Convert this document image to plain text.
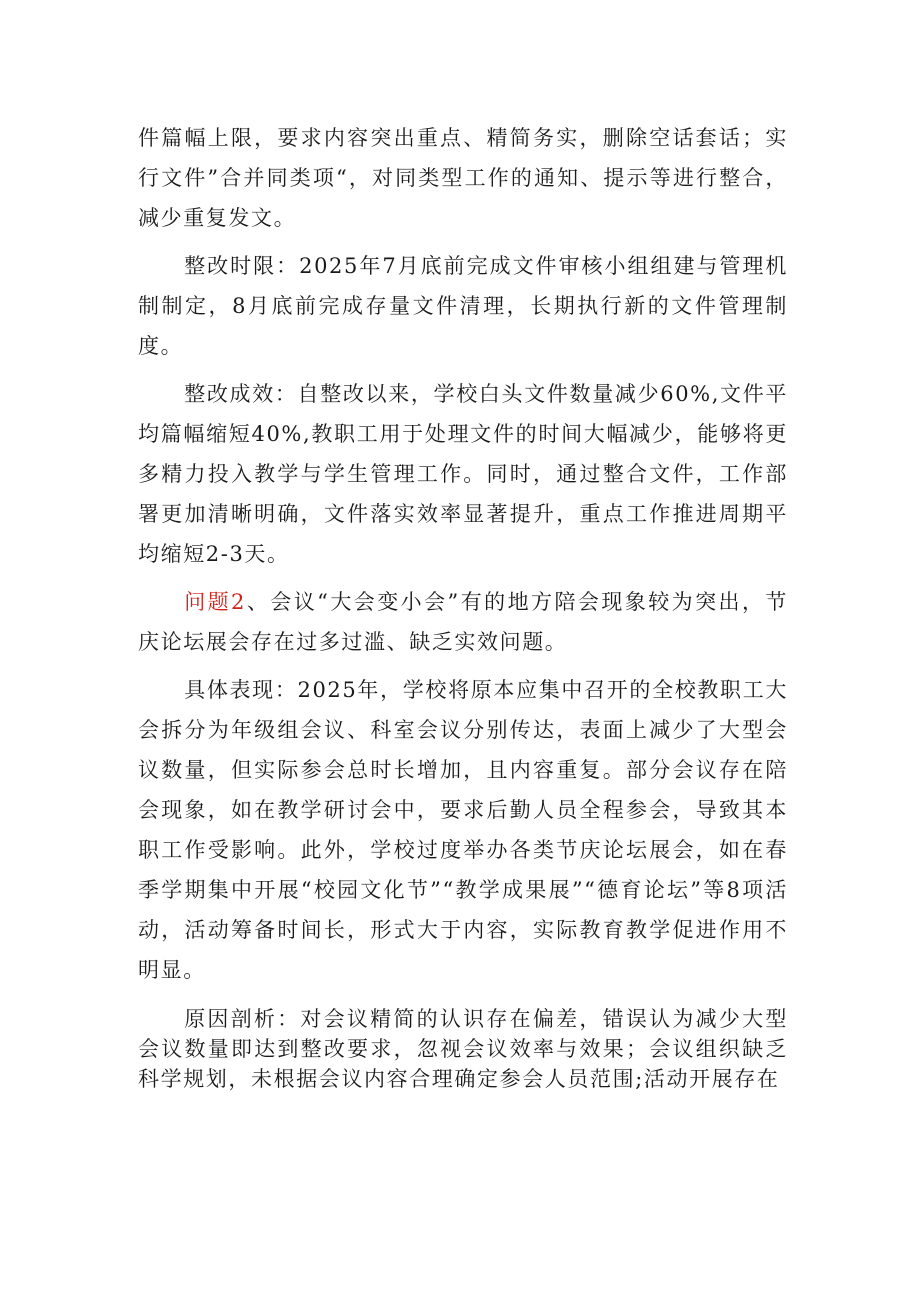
件篇幅上限，要求内容突出重点、精简务实，删除空话套话；实行文件”合并同类项“，对同类型工作的通知、提示等进行整合，减少重复发文。

整改时限：2025年7月底前完成文件审核小组组建与管理机制制定，8月底前完成存量文件清理，长期执行新的文件管理制度。

整改成效：自整改以来，学校白头文件数量减少60%,文件平均篇幅缩短40%,教职工用于处理文件的时间大幅减少，能够将更多精力投入教学与学生管理工作。同时，通过整合文件，工作部署更加清晰明确，文件落实效率显著提升，重点工作推进周期平均缩短2-3天。

问题2、会议“大会变小会”有的地方陪会现象较为突出，节庆论坛展会存在过多过滥、缺乏实效问题。

具体表现：2025年，学校将原本应集中召开的全校教职工大会拆分为年级组会议、科室会议分别传达，表面上减少了大型会议数量，但实际参会总时长增加，且内容重复。部分会议存在陪会现象，如在教学研讨会中，要求后勤人员全程参会，导致其本职工作受影响。此外，学校过度举办各类节庆论坛展会，如在春季学期集中开展“校园文化节”“教学成果展”“德育论坛”等8项活动，活动筹备时间长，形式大于内容，实际教育教学促进作用不明显。

原因剖析：对会议精简的认识存在偏差，错误认为减少大型会议数量即达到整改要求，忽视会议效率与效果；会议组织缺乏科学规划，未根据会议内容合理确定参会人员范围;活动开展存在
